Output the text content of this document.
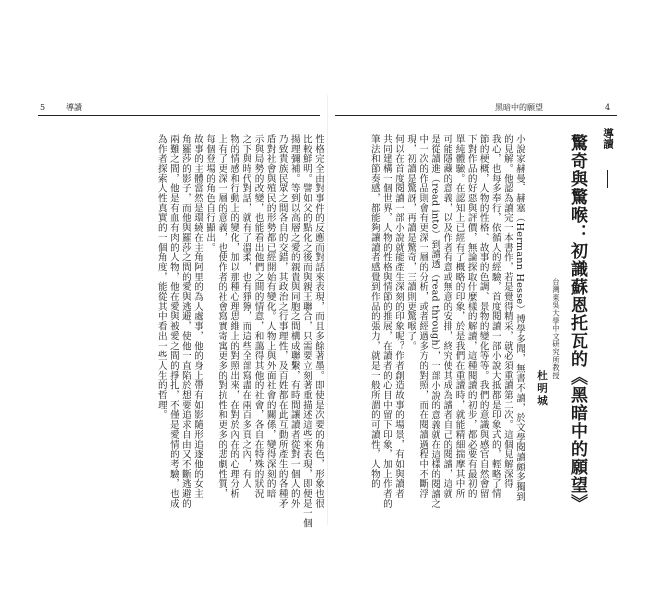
5	導讀
性格完全由對事件的反應而對話來表現，而且多餘著墨。即使是次要的角色，形象也很
比較鮮明。譬如父的點化之後而與親王聯合，只需要立刻著重描述這些來表現，即便是一個
揚理彌補。等到以高層之愛的親貴與同胞之間構成聯繫，有時間讓讀者從對一個人的外
乃致貴族民眾之間各自的交錯，其政治之行事理性，及百姓都在此互動所產生的各種矛
盾對社會與殖民的形勢都已經開始有變化。人物上與外面社會的關係，變得深刻的暗
示與局勢的改變，也能看出他們之間的情意，和藹得其他的社會，各自在特殊的狀況
之下與時代對話，就有了溫柔，也有猙獰，而這些全部寫盡在兩百多頁之內，有人
物的情感和行動上的變化，加以那種心理思維上的對照出來，在對於內在的心理分析
上有了更深一層的意義，也使作者的社會寫實寄寓更多的對抗性和更多的悲劇性質，
每個登場的角色自行顯出。
故事的主體當然是環繞在主角阿里的為人處事，他的身上帶有如影隨形追逐他的女主
角羅莎的影子，而他與羅莎之間的愛與逃避，使他一直陷於想要追求自由又不斷逃避的
兩難之間，他是有血有肉的人物，他在愛與被愛之間的掙扎，不僅是愛情的考驗，也成
為作者探索人性真實的一個角度，能從其中看出一些人生的哲理。
黑暗中的願望	4
導讀
驚奇與驚喉：初識蘇恩托瓦的《黑暗中的願望》
台灣東吳大學中文研究所教授
杜明城
小說家赫曼．赫塞（Hermann Hesse）博學多聞，無書不讀，於文學閱讀頗多獨到
的見解。他認為讀完一本書作，若是覺得精采，就必須重讀第二次。這個見解深得
我心，也每多奉行，依循人的經驗，首度閱讀一部小說大抵都是印象式的，輕略了情
節的梗概，人物的性格、故事的色調、景物的變化等等。我們的意識與感官自然會留
下對作品的好惡與評價，無論探取什麼樣的解讀，這種閱讀的初步，都必要有最初的
單純體驗。在認知上已經有了概略的印象，於是我們在重讀時，就能精細揣摩其中所
可能隱藏的意義，以及作者有意或無意的安排，終究使其成為讀者自己的閱讀，這就
是從讀進（read into）到讀透（read through），一部小說的意義就在這樣的閱讀之
中一次的作品則會有更深一層的分析，或者經過多方的對照，而在閱讀過程中不斷浮
現，初讀是驚訝，再讀是驚奇，三讀則更驚喉了。
何以在首度閱讀一部小說就能產生深刻的印象呢？作者創造故事的場景，有如與讀者
共同建構一個世界，人物的性格與情節的推展，在讀者的心目中留下印象，加上作者的
筆法和節奏感，都能夠讓讀者感覺到作品的張力，就是一般所謂的可讀性，人物的
